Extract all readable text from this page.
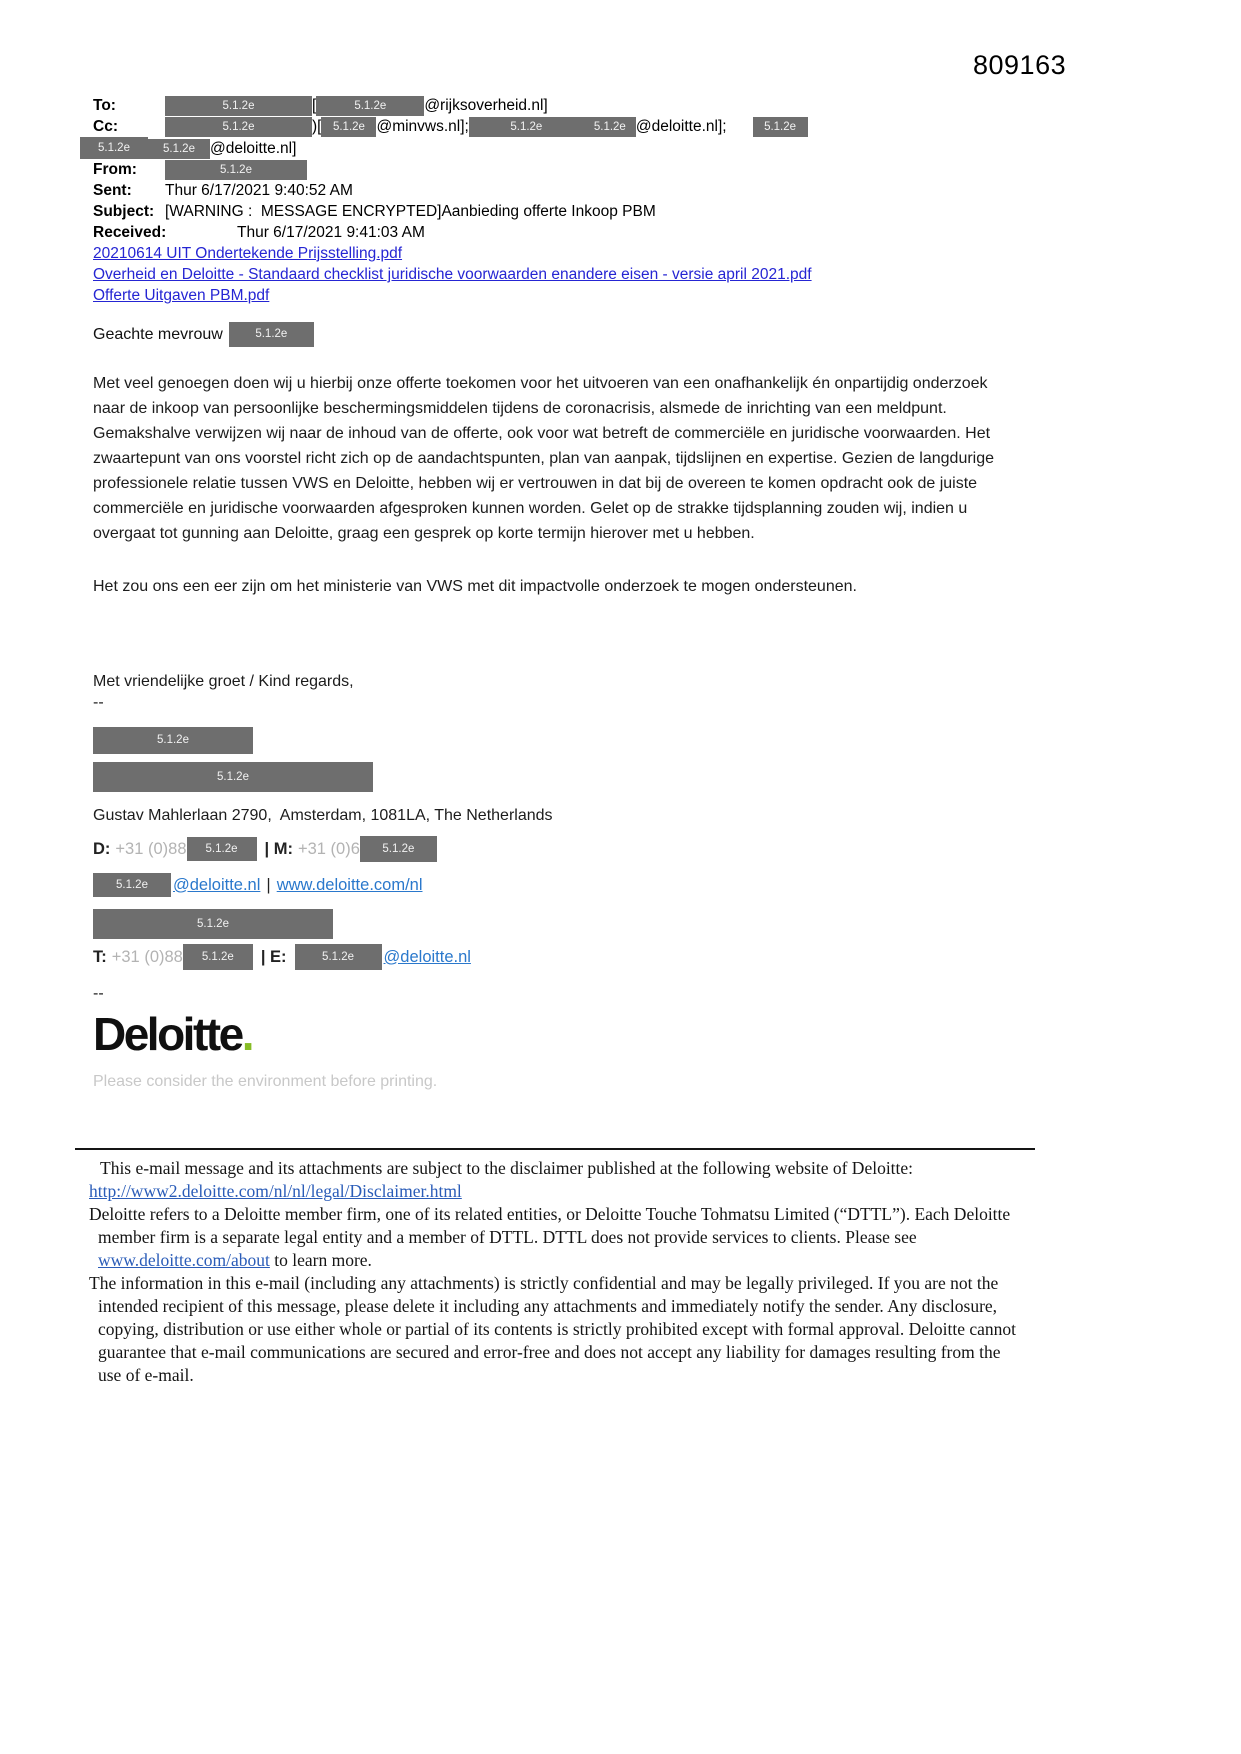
809163
To:	5.1.2e	[	5.1.2e @rijksoverheid.nl]
Cc:	5.1.2e	)[ 5.1.2e @minvws.nl];	5.1.2e	5.1.2e @deloitte.nl];	5.1.2e
5.1.2e	5.1.2e @deloitte.nl]
From:	5.1.2e
Sent: Thur 6/17/2021 9:40:52 AM
Subject: [WARNING :  MESSAGE ENCRYPTED]Aanbieding offerte Inkoop PBM
Received:	Thur 6/17/2021 9:41:03 AM
20210614 UIT Ondertekende Prijsstelling.pdf
Overheid en Deloitte - Standaard checklist juridische voorwaarden enandere eisen - versie april 2021.pdf
Offerte Uitgaven PBM.pdf
Geachte mevrouw	5.1.2e

Met veel genoegen doen wij u hierbij onze offerte toekomen voor het uitvoeren van een onafhankelijk én onpartijdig onderzoek naar de inkoop van persoonlijke beschermingsmiddelen tijdens de coronacrisis, alsmede de inrichting van een meldpunt. Gemakshalve verwijzen wij naar de inhoud van de offerte, ook voor wat betreft de commerciële en juridische voorwaarden. Het zwaartepunt van ons voorstel richt zich op de aandachtspunten, plan van aanpak, tijdslijnen en expertise. Gezien de langdurige professionele relatie tussen VWS en Deloitte, hebben wij er vertrouwen in dat bij de overeen te komen opdracht ook de juiste commerciële en juridische voorwaarden afgesproken kunnen worden. Gelet op de strakke tijdsplanning zouden wij, indien u overgaat tot gunning aan Deloitte, graag een gesprek op korte termijn hierover met u hebben.

Het zou ons een eer zijn om het ministerie van VWS met dit impactvolle onderzoek te mogen ondersteunen.

Met vriendelijke groet / Kind regards,
--
5.1.2e
5.1.2e
Gustav Mahlerlaan 2790,  Amsterdam, 1081LA, The Netherlands
D: +31 (0)88	5.1.2e	| M: +31 (0)6	5.1.2e
5.1.2e	@deloitte.nl | www.deloitte.com/nl
5.1.2e
T: +31 (0)88	5.1.2e	| E:	5.1.2e	@deloitte.nl
--
Deloitte.
Please consider the environment before printing.

This e-mail message and its attachments are subject to the disclaimer published at the following website of Deloitte:
http://www2.deloitte.com/nl/nl/legal/Disclaimer.html

Deloitte refers to a Deloitte member firm, one of its related entities, or Deloitte Touche Tohmatsu Limited (“DTTL”). Each Deloitte member firm is a separate legal entity and a member of DTTL. DTTL does not provide services to clients. Please see www.deloitte.com/about to learn more.

The information in this e-mail (including any attachments) is strictly confidential and may be legally privileged. If you are not the intended recipient of this message, please delete it including any attachments and immediately notify the sender. Any disclosure, copying, distribution or use either whole or partial of its contents is strictly prohibited except with formal approval. Deloitte cannot guarantee that e-mail communications are secured and error-free and does not accept any liability for damages resulting from the use of e-mail.
